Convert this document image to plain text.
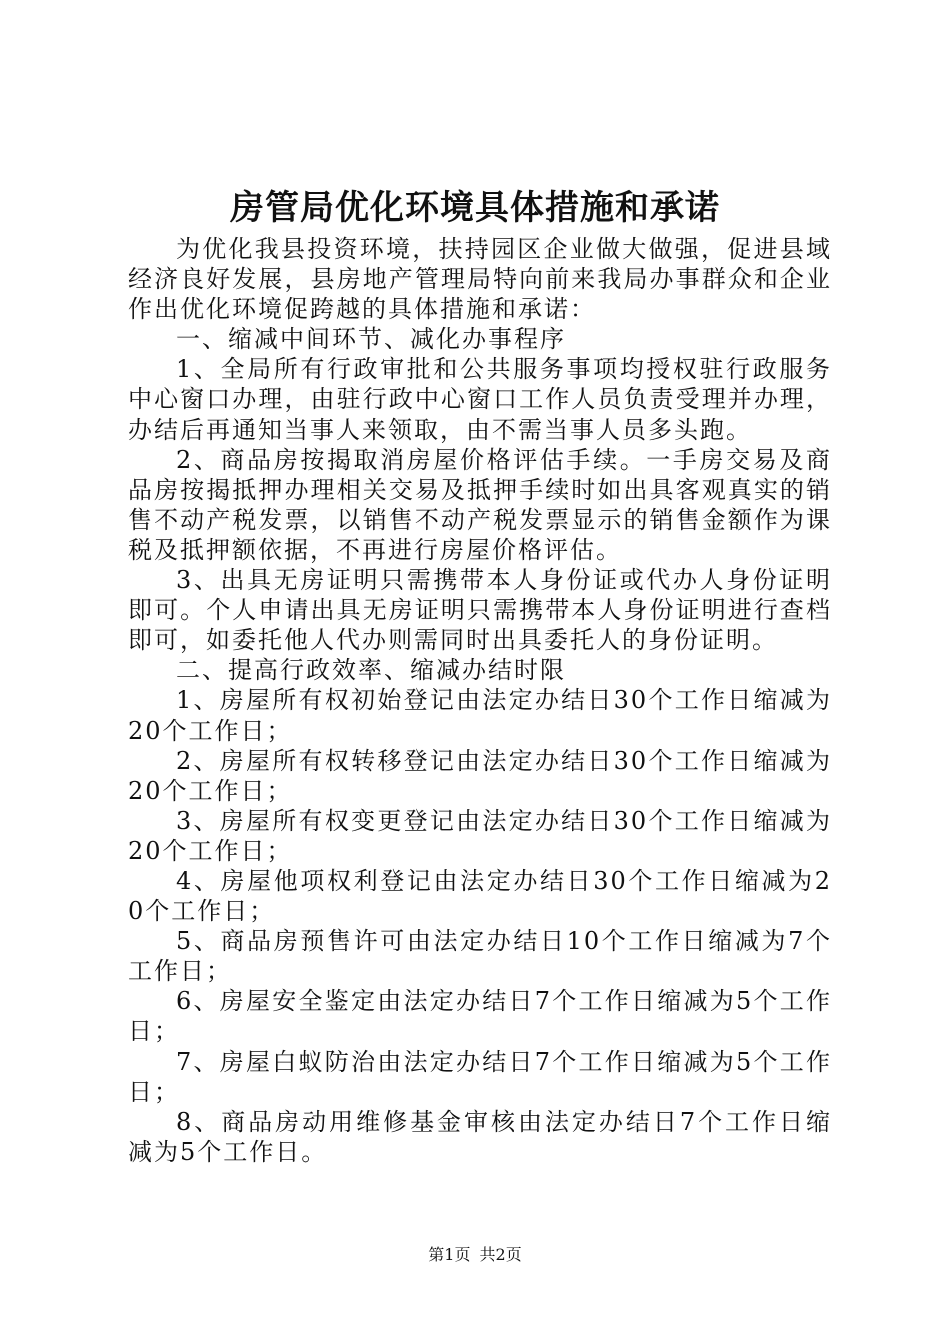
房管局优化环境具体措施和承诺

为优化我县投资环境，扶持园区企业做大做强，促进县域经济良好发展，县房地产管理局特向前来我局办事群众和企业作出优化环境促跨越的具体措施和承诺：

一、缩减中间环节、减化办事程序

1、全局所有行政审批和公共服务事项均授权驻行政服务中心窗口办理，由驻行政中心窗口工作人员负责受理并办理，办结后再通知当事人来领取，由不需当事人员多头跑。

2、商品房按揭取消房屋价格评估手续。一手房交易及商品房按揭抵押办理相关交易及抵押手续时如出具客观真实的销售不动产税发票，以销售不动产税发票显示的销售金额作为课税及抵押额依据，不再进行房屋价格评估。

3、出具无房证明只需携带本人身份证或代办人身份证明即可。个人申请出具无房证明只需携带本人身份证明进行查档即可，如委托他人代办则需同时出具委托人的身份证明。

二、提高行政效率、缩减办结时限

1、房屋所有权初始登记由法定办结日30个工作日缩减为20个工作日；

2、房屋所有权转移登记由法定办结日30个工作日缩减为20个工作日；

3、房屋所有权变更登记由法定办结日30个工作日缩减为20个工作日；

4、房屋他项权利登记由法定办结日30个工作日缩减为20个工作日；

5、商品房预售许可由法定办结日10个工作日缩减为7个工作日；

6、房屋安全鉴定由法定办结日7个工作日缩减为5个工作日；

7、房屋白蚁防治由法定办结日7个工作日缩减为5个工作日；

8、商品房动用维修基金审核由法定办结日7个工作日缩减为5个工作日。

第1页 共2页
